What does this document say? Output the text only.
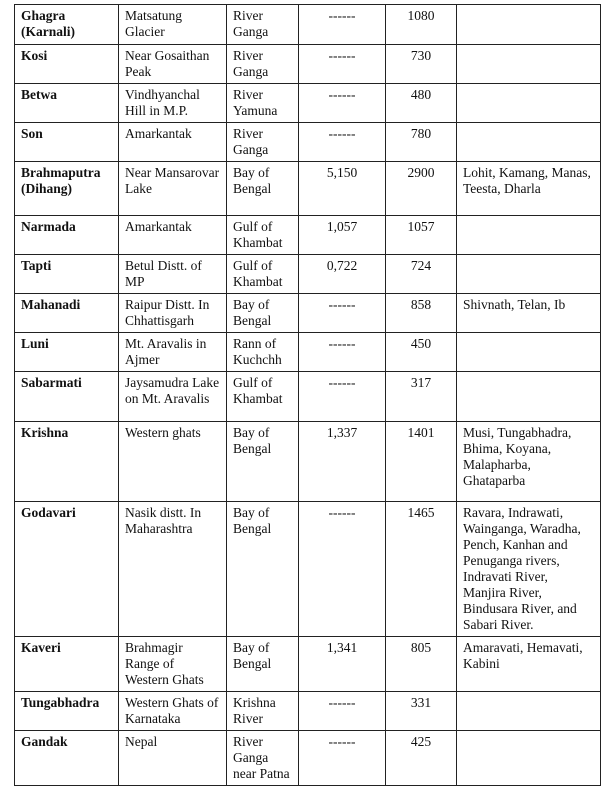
Ghagra (Karnali)	Matsatung Glacier	River Ganga	------	1080	
Kosi	Near Gosaithan Peak	River Ganga	------	730	
Betwa	Vindhyanchal Hill in M.P.	River Yamuna	------	480	
Son	Amarkantak	River Ganga	------	780	
Brahmaputra (Dihang)	Near Mansarovar Lake	Bay of Bengal	5,150	2900	Lohit, Kamang, Manas, Teesta, Dharla
Narmada	Amarkantak	Gulf of Khambat	1,057	1057	
Tapti	Betul Distt. of MP	Gulf of Khambat	0,722	724	
Mahanadi	Raipur Distt. In Chhattisgarh	Bay of Bengal	------	858	Shivnath, Telan, Ib
Luni	Mt. Aravalis in Ajmer	Rann of Kuchchh	------	450	
Sabarmati	Jaysamudra Lake on Mt. Aravalis	Gulf of Khambat	------	317	
Krishna	Western ghats	Bay of Bengal	1,337	1401	Musi, Tungabhadra, Bhima, Koyana, Malapharba, Ghataparba
Godavari	Nasik distt. In Maharashtra	Bay of Bengal	------	1465	Ravara, Indrawati, Wainganga, Waradha, Pench, Kanhan and Penuganga rivers, Indravati River, Manjira River, Bindusara River, and Sabari River.
Kaveri	Brahmagir Range of Western Ghats	Bay of Bengal	1,341	805	Amaravati, Hemavati, Kabini
Tungabhadra	Western Ghats of Karnataka	Krishna River	------	331	
Gandak	Nepal	River Ganga near Patna	------	425	
